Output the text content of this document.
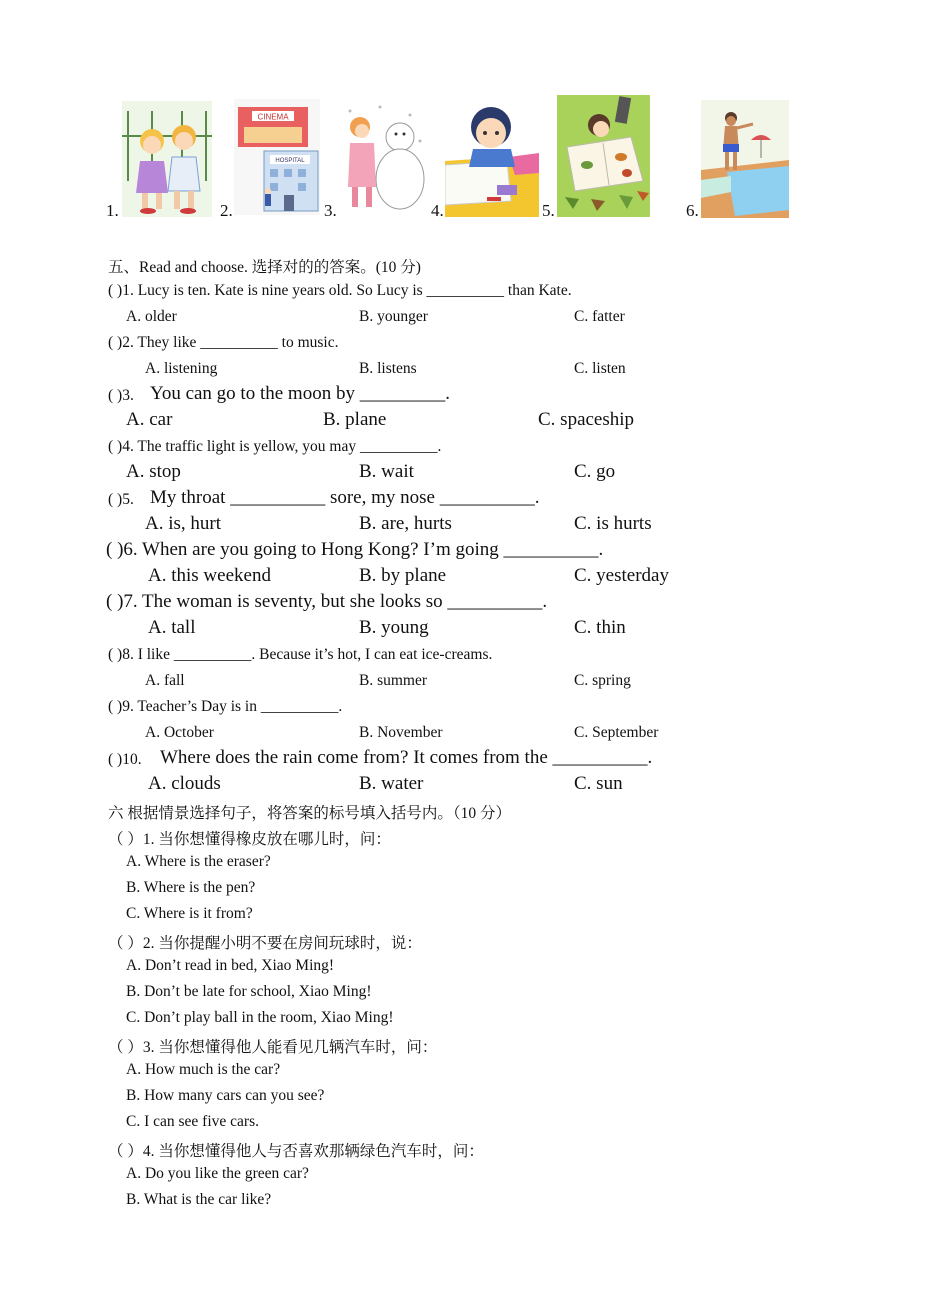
1.	2.
CINEMA
HOSPITAL
3.	4.	5.	6.
五、Read and choose. 选择对的的答案。(10 分)
( )1. Lucy is ten. Kate is nine years old. So Lucy is __________ than Kate.
A. older	B. younger	C. fatter
( )2. They like __________ to music.
A. listening	B. listens	C. listen
( )3. You can go to the moon by _________.
A. car	B. plane	C. spaceship
( )4. The traffic light is yellow, you may __________.
A. stop	B. wait	C. go
( )5. My throat __________ sore, my nose __________.
A. is, hurt	B. are, hurts	C. is hurts
( )6. When are you going to Hong Kong? I’m going __________.
A. this weekend	B. by plane	C. yesterday
( )7. The woman is seventy, but she looks so __________.
A. tall	B. young	C. thin
( )8. I like __________. Because it’s hot, I can eat ice-creams.
A. fall	B. summer	C. spring
( )9. Teacher’s Day is in __________.
A. October	B. November	C. September
( )10. Where does the rain come from? It comes from the __________.
A. clouds	B. water	C. sun
六 根据情景选择句子，将答案的标号填入括号内。（10 分）
（ ）1. 当你想懂得橡皮放在哪儿时，问：
A. Where is the eraser?
B. Where is the pen?
C. Where is it from?
（ ）2. 当你提醒小明不要在房间玩球时，说：
A. Don’t read in bed, Xiao Ming!
B. Don’t be late for school, Xiao Ming!
C. Don’t play ball in the room, Xiao Ming!
（ ）3. 当你想懂得他人能看见几辆汽车时，问：
A. How much is the car?
B. How many cars can you see?
C. I can see five cars.
（ ）4. 当你想懂得他人与否喜欢那辆绿色汽车时，问：
A. Do you like the green car?
B. What is the car like?
